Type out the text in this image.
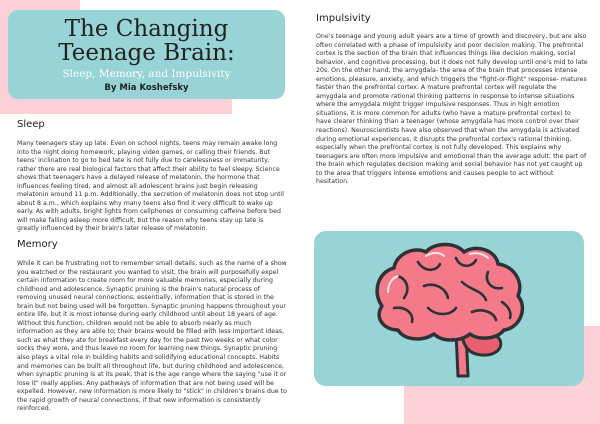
The Changing
Teenage Brain:
Sleep, Memory, and Impulsivity
By Mia Koshefsky
Sleep

Many teenagers stay up late. Even on school nights, teens may remain awake long into the night doing homework, playing video games, or calling their friends. But teens' inclination to go to bed late is not fully due to carelessness or immaturity, rather there are real biological factors that affect their ability to feel sleepy. Science shows that teenagers have a delayed release of melatonin, the hormone that influences feeling tired, and almost all adolescent brains just begin releasing melatonin around 11 p.m. Additionally, the secretion of melatonin does not stop until about 8 a.m., which explains why many teens also find it very difficult to wake up early. As with adults, bright lights from cellphones or consuming caffeine before bed will make falling asleep more difficult, but the reason why teens stay up late is greatly influenced by their brain's later release of melatonin.

Memory

While it can be frustrating not to remember small details, such as the name of a show you watched or the restaurant you wanted to visit, the brain will purposefully expel certain information to create room for more valuable memories, especially during childhood and adolescence. Synaptic pruning is the brain's natural process of removing unused neural connections; essentially, information that is stored in the brain but not being used will be forgotten. Synaptic pruning happens throughout your entire life, but it is most intense during early childhood until about 18 years of age. Without this function, children would not be able to absorb nearly as much information as they are able to; their brains would be filled with less important ideas, such as what they ate for breakfast every day for the past two weeks or what color socks they wore, and thus leave no room for learning new things. Synaptic pruning also plays a vital role in building habits and solidifying educational concepts. Habits and memories can be built all throughout life, but during childhood and adolescence, when synaptic pruning is at its peak, that is the age range where the saying "use it or lose it" really applies. Any pathways of information that are not being used will be expelled. However, new information is more likely to "stick" in children's brains due to the rapid growth of neural connections, if that new information is consistently reinforced.

Impulsivity

One's teenage and young adult years are a time of growth and discovery, but are also often correlated with a phase of impulsivity and poor decision making. The prefrontal cortex is the section of the brain that influences things like decision making, social behavior, and cognitive processing, but it does not fully develop until one's mid to late 20s. On the other hand, the amygdala- the area of the brain that processes intense emotions, pleasure, anxiety, and which triggers the "fight-or-flight" response- matures faster than the prefrontal cortex. A mature prefrontal cortex will regulate the amygdala and promote rational thinking patterns in response to intense situations where the amygdala might trigger impulsive responses. Thus in high emotion situations, it is more common for adults (who have a mature prefrontal cortex) to have clearer thinking than a teenager (whose amygdala has more control over their reactions). Neuroscientists have also observed that when the amygdala is activated during emotional experiences, it disrupts the prefrontal cortex's rational thinking, especially when the prefrontal cortex is not fully developed. This explains why teenagers are often more impulsive and emotional than the average adult; the part of the brain which regulates decision making and social behavior has not yet caught up to the area that triggers intense emotions and causes people to act without hesitation.
